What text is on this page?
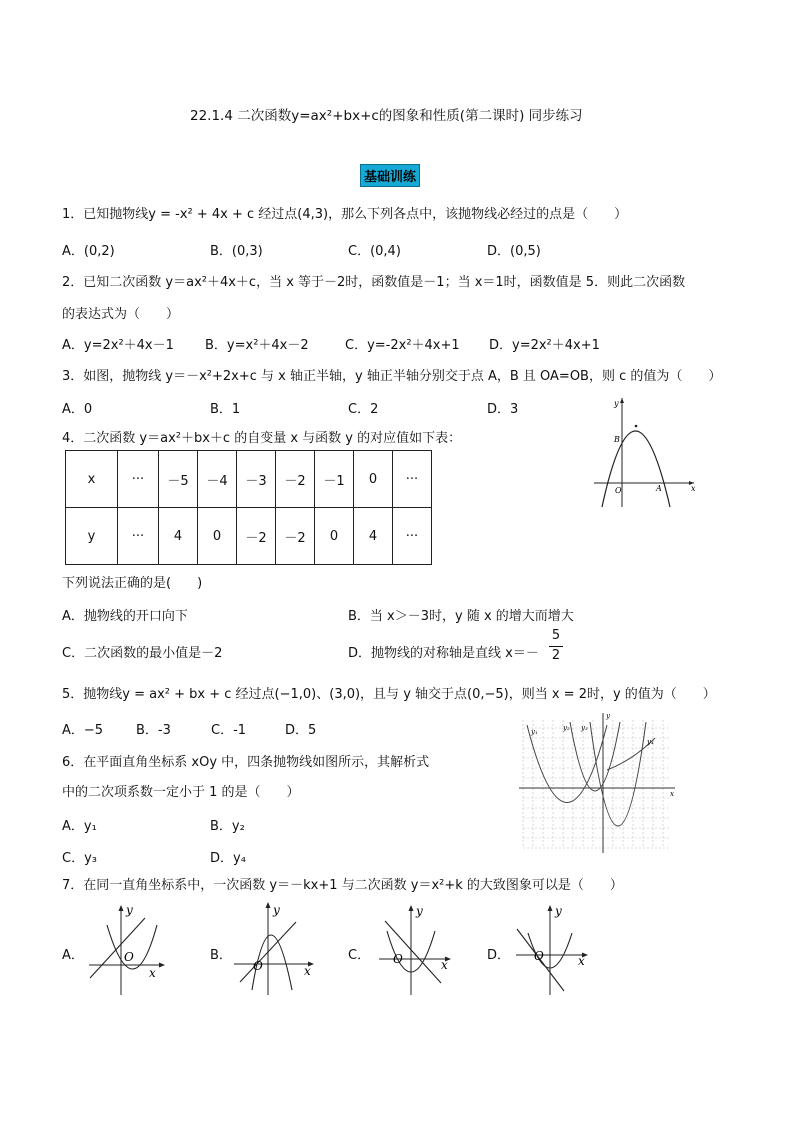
22.1.4 二次函数y=ax²+bx+c的图象和性质(第二课时) 同步练习
基础训练
1．已知抛物线y = -x² + 4x + c 经过点(4,3)，那么下列各点中，该抛物线必经过的点是（　　）
A．(0,2)	B．(0,3)	C．(0,4)	D．(0,5)
2．已知二次函数 y＝ax²＋4x＋c，当 x 等于－2时，函数值是－1；当 x＝1时，函数值是 5．则此二次函数
的表达式为（　　）
A．y=2x²＋4x－1 B．y=x²＋4x－2	C．y=-2x²＋4x+1 D．y=2x²＋4x+1
3．如图，抛物线 y＝－x²+2x+c 与 x 轴正半轴，y 轴正半轴分别交于点 A，B 且 OA=OB，则 c 的值为（　　）
A．0	B．1	C．2	D．3	y
x
O
B
A
4．二次函数 y＝ax²＋bx＋c 的自变量 x 与函数 y 的对应值如下表：
x	···	－5	－4	－3	－2	－1	0	···
y	···	4	0	－2	－2	0	4	···
下列说法正确的是(　　)
A．抛物线的开口向下	B．当 x＞－3时，y 随 x 的增大而增大
C．二次函数的最小值是－2	D．抛物线的对称轴是直线 x＝－
5
2
5．抛物线y = ax² + bx + c 经过点(−1,0)、(3,0)，且与 y 轴交于点(0,−5)，则当 x = 2时，y 的值为（　　）
A．−5	B．-3	C．-1	D．5
6．在平面直角坐标系 xOy 中，四条抛物线如图所示，其解析式
中的二次项系数一定小于 1 的是（　　）
A．y₁	B．y₂
C．y₃	D．y₄
y₁	y₂ y₃
y₄
y
x
7．在同一直角坐标系中，一次函数 y＝－kx+1 与二次函数 y＝x²+k 的大致图象可以是（　　）
A．
y
x
O	B．
y
x
O
C．
y
x
O	D．
y
x
O
